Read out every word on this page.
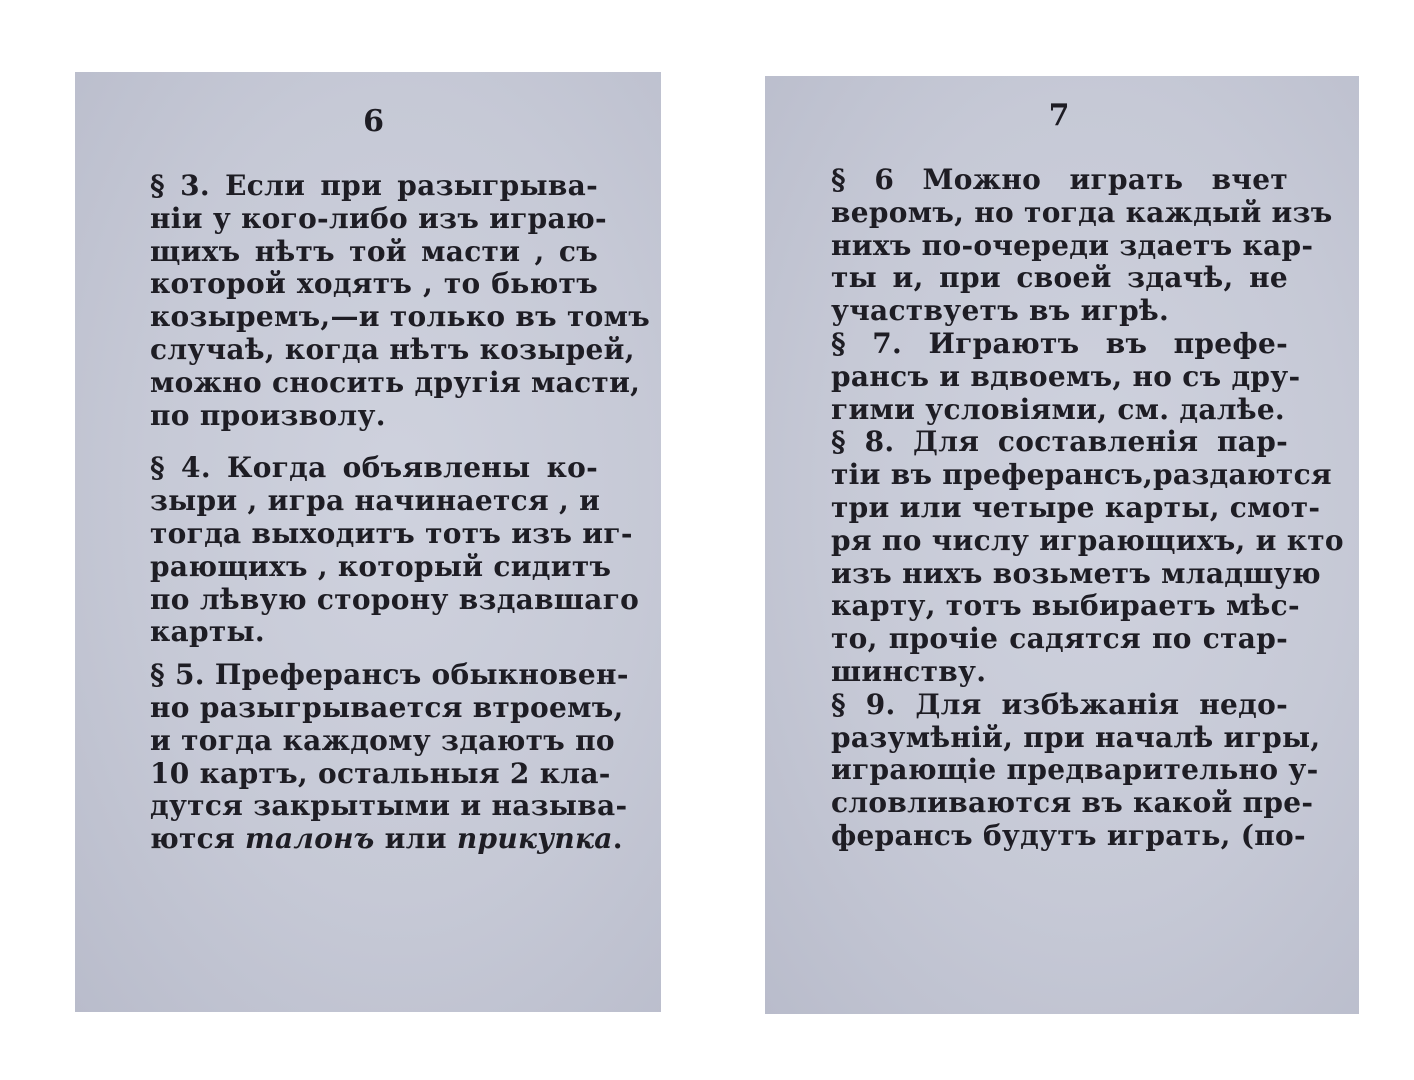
6
§ 3. Если при разыгрыва-
нiи у кого-либо изъ играю-
щихъ нѣтъ той масти , съ
которой ходятъ , то бьютъ
козыремъ,—и только въ томъ
случаѣ, когда нѣтъ козырей,
можно сносить другiя масти,
по произволу.
§ 4. Когда объявлены ко-
зыри , игра начинается , и
тогда выходитъ тотъ изъ иг-
рающихъ , который сидитъ
по лѣвую сторону вздавшаго
карты.
§ 5. Преферансъ обыкновен-
но разыгрывается втроемъ,
и тогда каждому здаютъ по
10 картъ, остальныя 2 кла-
дутся закрытыми и называ-
ются талонъ или прикупка.
7
§ 6 Можно играть вчет
веромъ, но тогда каждый изъ
нихъ по-очереди здаетъ кар-
ты и, при своей здачѣ, не
участвуетъ въ игрѣ.
§ 7. Играютъ въ префе-
рансъ и вдвоемъ, но съ дру-
гими условiями, см. далѣе.
§ 8. Для составленiя пар-
тiи въ преферансъ,раздаются
три или четыре карты, смот-
ря по числу играющихъ, и кто
изъ нихъ возьметъ младшую
карту, тотъ выбираетъ мѣс-
то, прочiе садятся по стар-
шинству.
§ 9. Для избѣжанiя недо-
разумѣнiй, при началѣ игры,
играющiе предварительно у-
словливаются въ какой пре-
ферансъ будутъ играть, (по-
